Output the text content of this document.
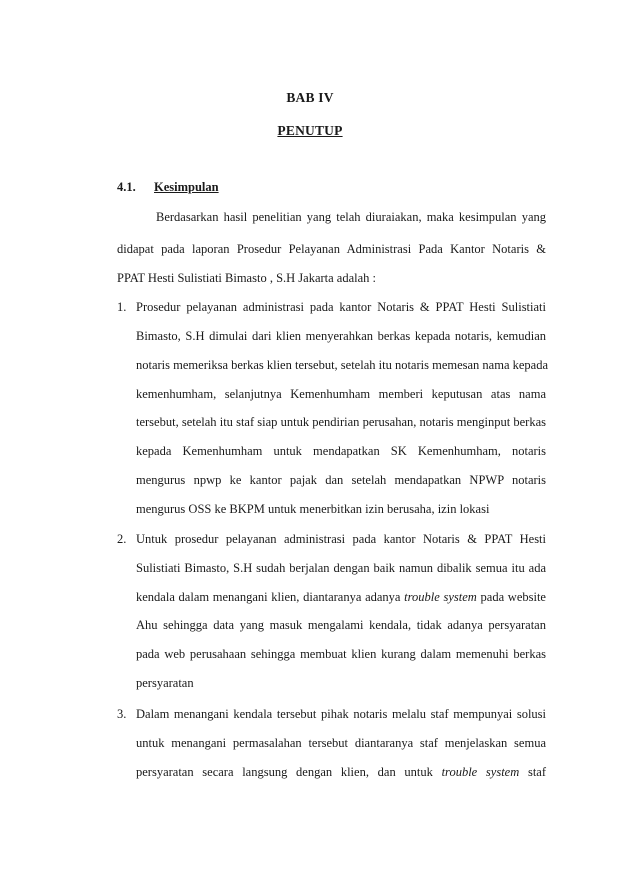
BAB IV
PENUTUP
4.1. Kesimpulan
Berdasarkan hasil penelitian yang telah diuraiakan, maka kesimpulan yang
didapat pada laporan Prosedur Pelayanan Administrasi Pada Kantor Notaris &
PPAT Hesti Sulistiati Bimasto , S.H Jakarta adalah :
1. Prosedur pelayanan administrasi pada kantor Notaris & PPAT Hesti Sulistiati
Bimasto, S.H dimulai dari klien menyerahkan berkas kepada notaris, kemudian
notaris memeriksa berkas klien tersebut, setelah itu notaris memesan nama kepada
kemenhumham, selanjutnya Kemenhumham memberi keputusan atas nama
tersebut, setelah itu staf siap untuk pendirian perusahan, notaris menginput berkas
kepada Kemenhumham untuk mendapatkan SK Kemenhumham, notaris
mengurus npwp ke kantor pajak dan setelah mendapatkan NPWP notaris
mengurus OSS ke BKPM untuk menerbitkan izin berusaha, izin lokasi
2. Untuk prosedur pelayanan administrasi pada kantor Notaris & PPAT Hesti
Sulistiati Bimasto, S.H sudah berjalan dengan baik namun dibalik semua itu ada
kendala dalam menangani klien, diantaranya adanya trouble system pada website
Ahu sehingga data yang masuk mengalami kendala, tidak adanya persyaratan
pada web perusahaan sehingga membuat klien kurang dalam memenuhi berkas
persyaratan
3. Dalam menangani kendala tersebut pihak notaris melalu staf mempunyai solusi
untuk menangani permasalahan tersebut diantaranya staf menjelaskan semua
persyaratan secara langsung dengan klien, dan untuk trouble system staf
